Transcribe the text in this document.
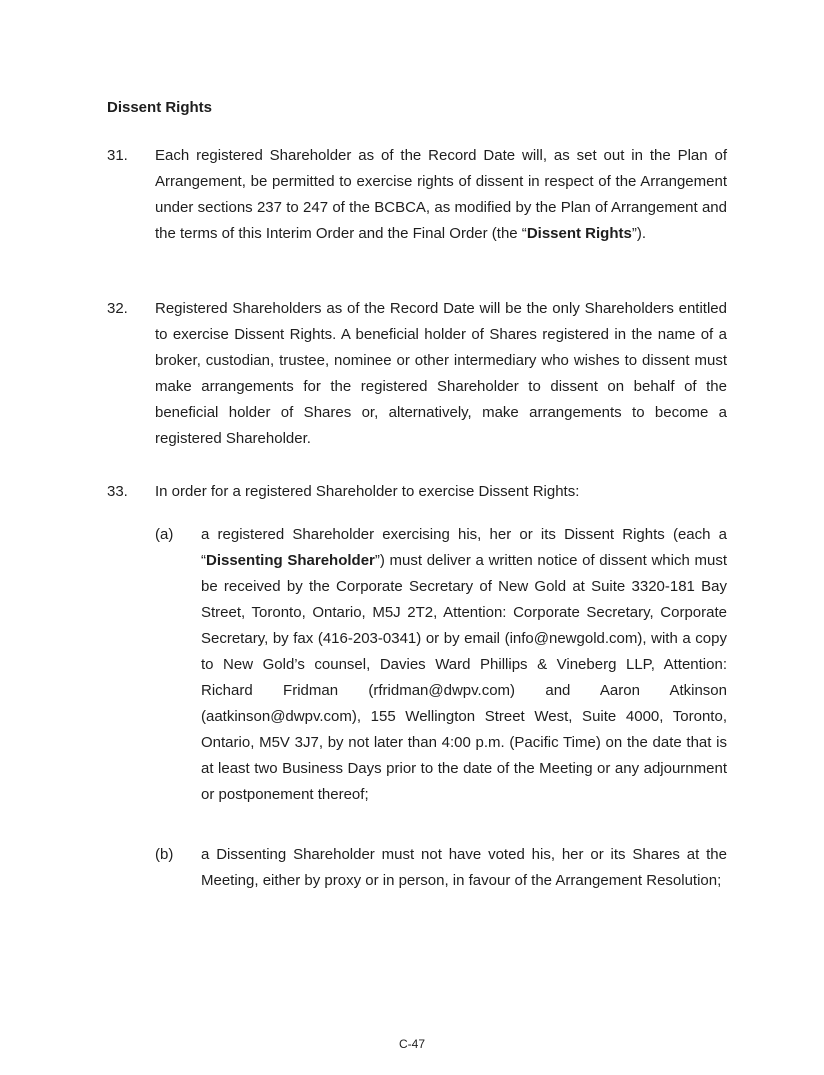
Dissent Rights
31.	Each registered Shareholder as of the Record Date will, as set out in the Plan of Arrangement, be permitted to exercise rights of dissent in respect of the Arrangement under sections 237 to 247 of the BCBCA, as modified by the Plan of Arrangement and the terms of this Interim Order and the Final Order (the “Dissent Rights”).
32.	Registered Shareholders as of the Record Date will be the only Shareholders entitled to exercise Dissent Rights. A beneficial holder of Shares registered in the name of a broker, custodian, trustee, nominee or other intermediary who wishes to dissent must make arrangements for the registered Shareholder to dissent on behalf of the beneficial holder of Shares or, alternatively, make arrangements to become a registered Shareholder.
33.	In order for a registered Shareholder to exercise Dissent Rights:
(a)	a registered Shareholder exercising his, her or its Dissent Rights (each a “Dissenting Shareholder”) must deliver a written notice of dissent which must be received by the Corporate Secretary of New Gold at Suite 3320-181 Bay Street, Toronto, Ontario, M5J 2T2, Attention: Corporate Secretary, Corporate Secretary, by fax (416-203-0341) or by email (info@newgold.com), with a copy to New Gold’s counsel, Davies Ward Phillips & Vineberg LLP, Attention: Richard Fridman (rfridman@dwpv.com) and Aaron Atkinson (aatkinson@dwpv.com), 155 Wellington Street West, Suite 4000, Toronto, Ontario, M5V 3J7, by not later than 4:00 p.m. (Pacific Time) on the date that is at least two Business Days prior to the date of the Meeting or any adjournment or postponement thereof;
(b)	a Dissenting Shareholder must not have voted his, her or its Shares at the Meeting, either by proxy or in person, in favour of the Arrangement Resolution;
C-47
